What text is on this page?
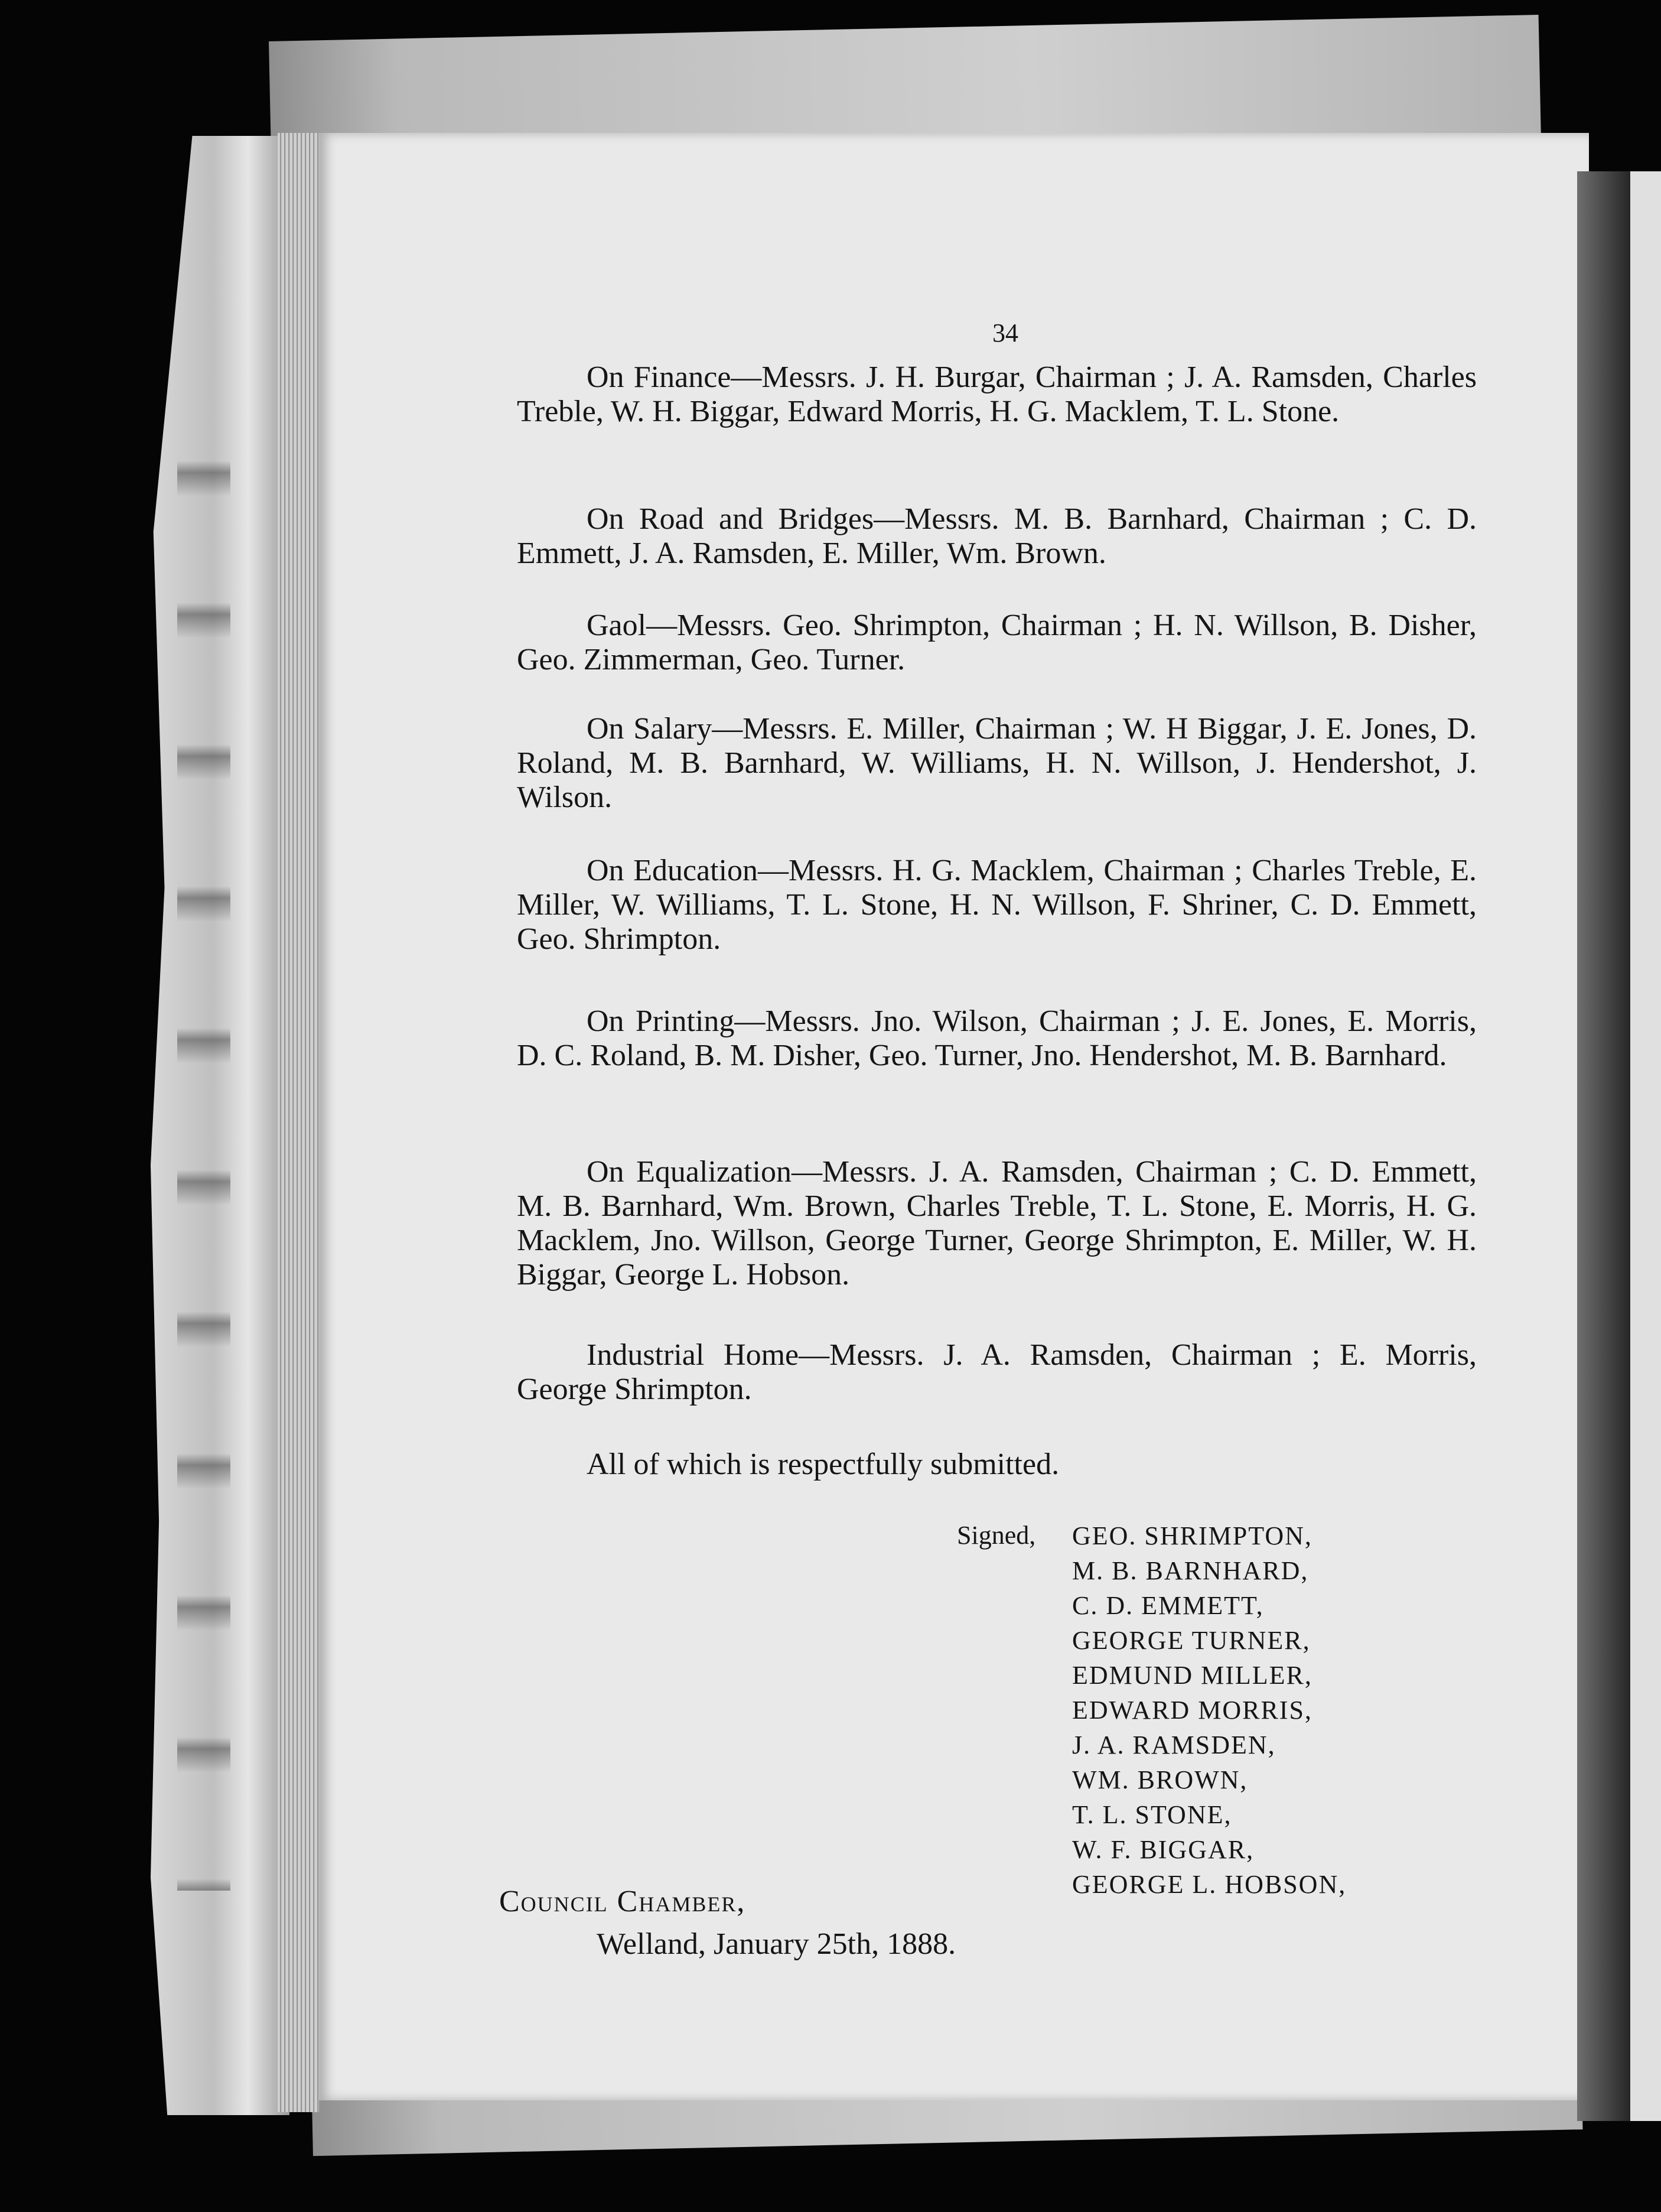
34

On Finance—Messrs. J. H. Burgar, Chairman ; J. A. Ramsden, Charles Treble, W. H. Biggar, Edward Morris, H. G. Macklem, T. L. Stone.

On Road and Bridges—Messrs. M. B. Barnhard, Chairman ; C. D. Emmett, J. A. Ramsden, E. Miller, Wm. Brown.

Gaol—Messrs. Geo. Shrimpton, Chairman ; H. N. Willson, B. Disher, Geo. Zimmerman, Geo. Turner.

On Salary—Messrs. E. Miller, Chairman ; W. H Biggar, J. E. Jones, D. Roland, M. B. Barnhard, W. Williams, H. N. Willson, J. Hendershot, J. Wilson.

On Education—Messrs. H. G. Macklem, Chairman ; Charles Treble, E. Miller, W. Williams, T. L. Stone, H. N. Willson, F. Shriner, C. D. Emmett, Geo. Shrimpton.

On Printing—Messrs. Jno. Wilson, Chairman ; J. E. Jones, E. Morris, D. C. Roland, B. M. Disher, Geo. Turner, Jno. Hendershot, M. B. Barnhard.

On Equalization—Messrs. J. A. Ramsden, Chairman ; C. D. Emmett, M. B. Barnhard, Wm. Brown, Charles Treble, T. L. Stone, E. Morris, H. G. Macklem, Jno. Willson, George Turner, George Shrimpton, E. Miller, W. H. Biggar, George L. Hobson.

Industrial Home—Messrs. J. A. Ramsden, Chairman ; E. Morris, George Shrimpton.

All of which is respectfully submitted.

Signed, GEO. SHRIMPTON,
M. B. BARNHARD,
C. D. EMMETT,
GEORGE TURNER,
EDMUND MILLER,
EDWARD MORRIS,
J. A. RAMSDEN,
WM. BROWN,
T. L. STONE,
W. F. BIGGAR,
GEORGE L. HOBSON,
Council Chamber,
Welland, January 25th, 1888.
